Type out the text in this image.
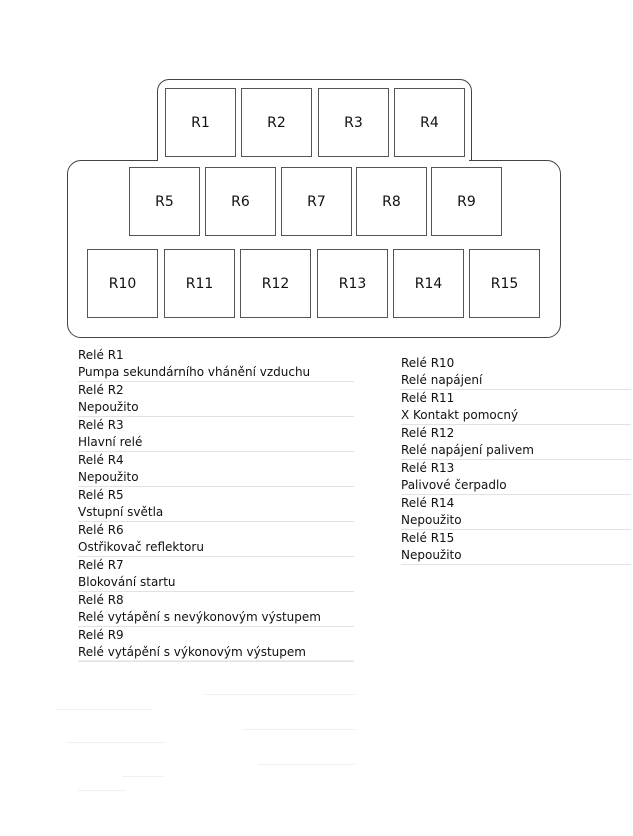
R1	R2	R3	R4
R5	R6	R7	R8	R9
R10	R11	R12	R13	R14	R15
Relé R1
Pumpa sekundárního vhánění vzduchu
Relé R2
Nepoužito
Relé R3
Hlavní relé
Relé R4
Nepoužito
Relé R5
Vstupní světla
Relé R6
Ostřikovač reflektoru
Relé R7
Blokování startu
Relé R8
Relé vytápění s nevýkonovým výstupem
Relé R9
Relé vytápění s výkonovým výstupem
Relé R10
Relé napájení
Relé R11
X Kontakt pomocný
Relé R12
Relé napájení palivem
Relé R13
Palivové čerpadlo
Relé R14
Nepoužito
Relé R15
Nepoužito
